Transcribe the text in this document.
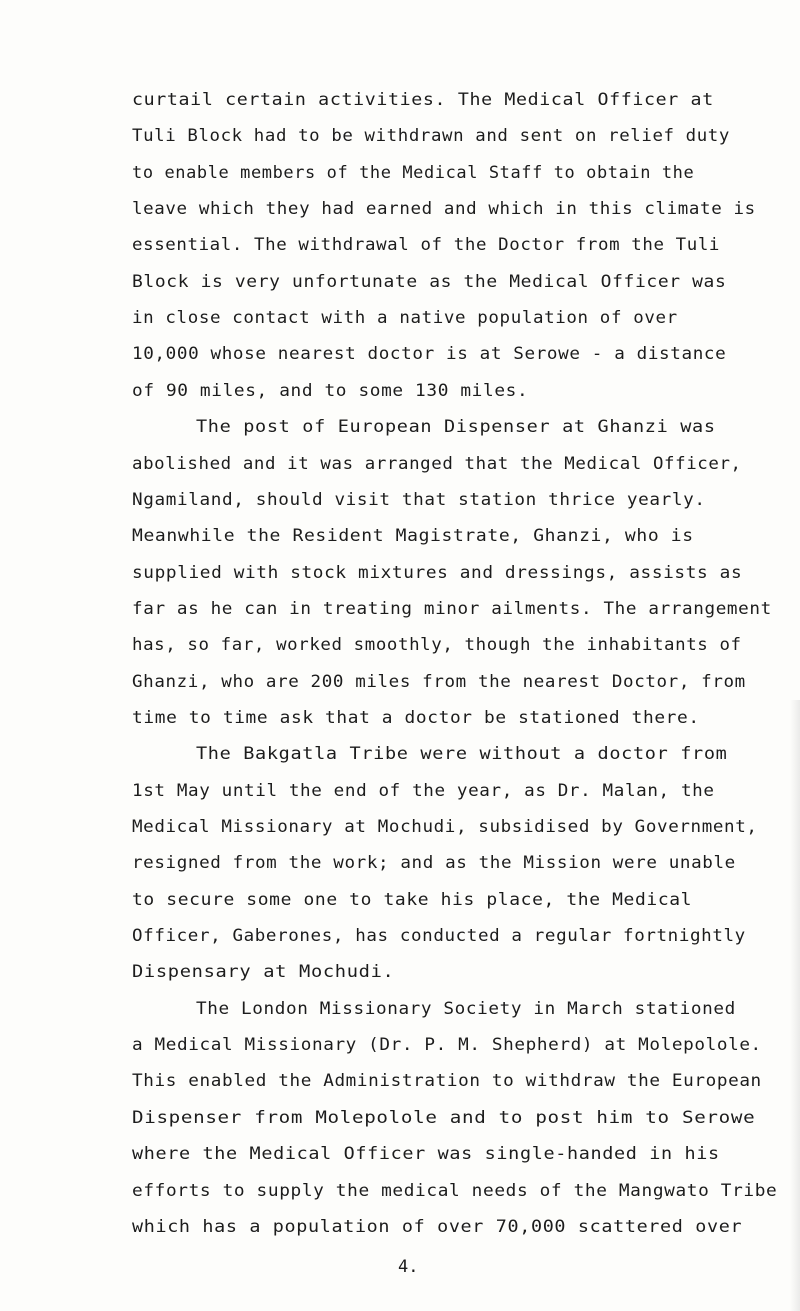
curtail certain activities. The Medical Officer at
Tuli Block had to be withdrawn and sent on relief duty
to enable members of the Medical Staff to obtain the
leave which they had earned and which in this climate is
essential. The withdrawal of the Doctor from the Tuli
Block is very unfortunate as the Medical Officer was
in close contact with a native population of over
10,000 whose nearest doctor is at Serowe - a distance
of 90 miles, and to some 130 miles.
The post of European Dispenser at Ghanzi was
abolished and it was arranged that the Medical Officer,
Ngamiland, should visit that station thrice yearly.
Meanwhile the Resident Magistrate, Ghanzi, who is
supplied with stock mixtures and dressings, assists as
far as he can in treating minor ailments. The arrangement
has, so far, worked smoothly, though the inhabitants of
Ghanzi, who are 200 miles from the nearest Doctor, from
time to time ask that a doctor be stationed there.
The Bakgatla Tribe were without a doctor from
1st May until the end of the year, as Dr. Malan, the
Medical Missionary at Mochudi, subsidised by Government,
resigned from the work; and as the Mission were unable
to secure some one to take his place, the Medical
Officer, Gaberones, has conducted a regular fortnightly
Dispensary at Mochudi.
The London Missionary Society in March stationed
a Medical Missionary (Dr. P. M. Shepherd) at Molepolole.
This enabled the Administration to withdraw the European
Dispenser from Molepolole and to post him to Serowe
where the Medical Officer was single-handed in his
efforts to supply the medical needs of the Mangwato Tribe
which has a population of over 70,000 scattered over
4.
